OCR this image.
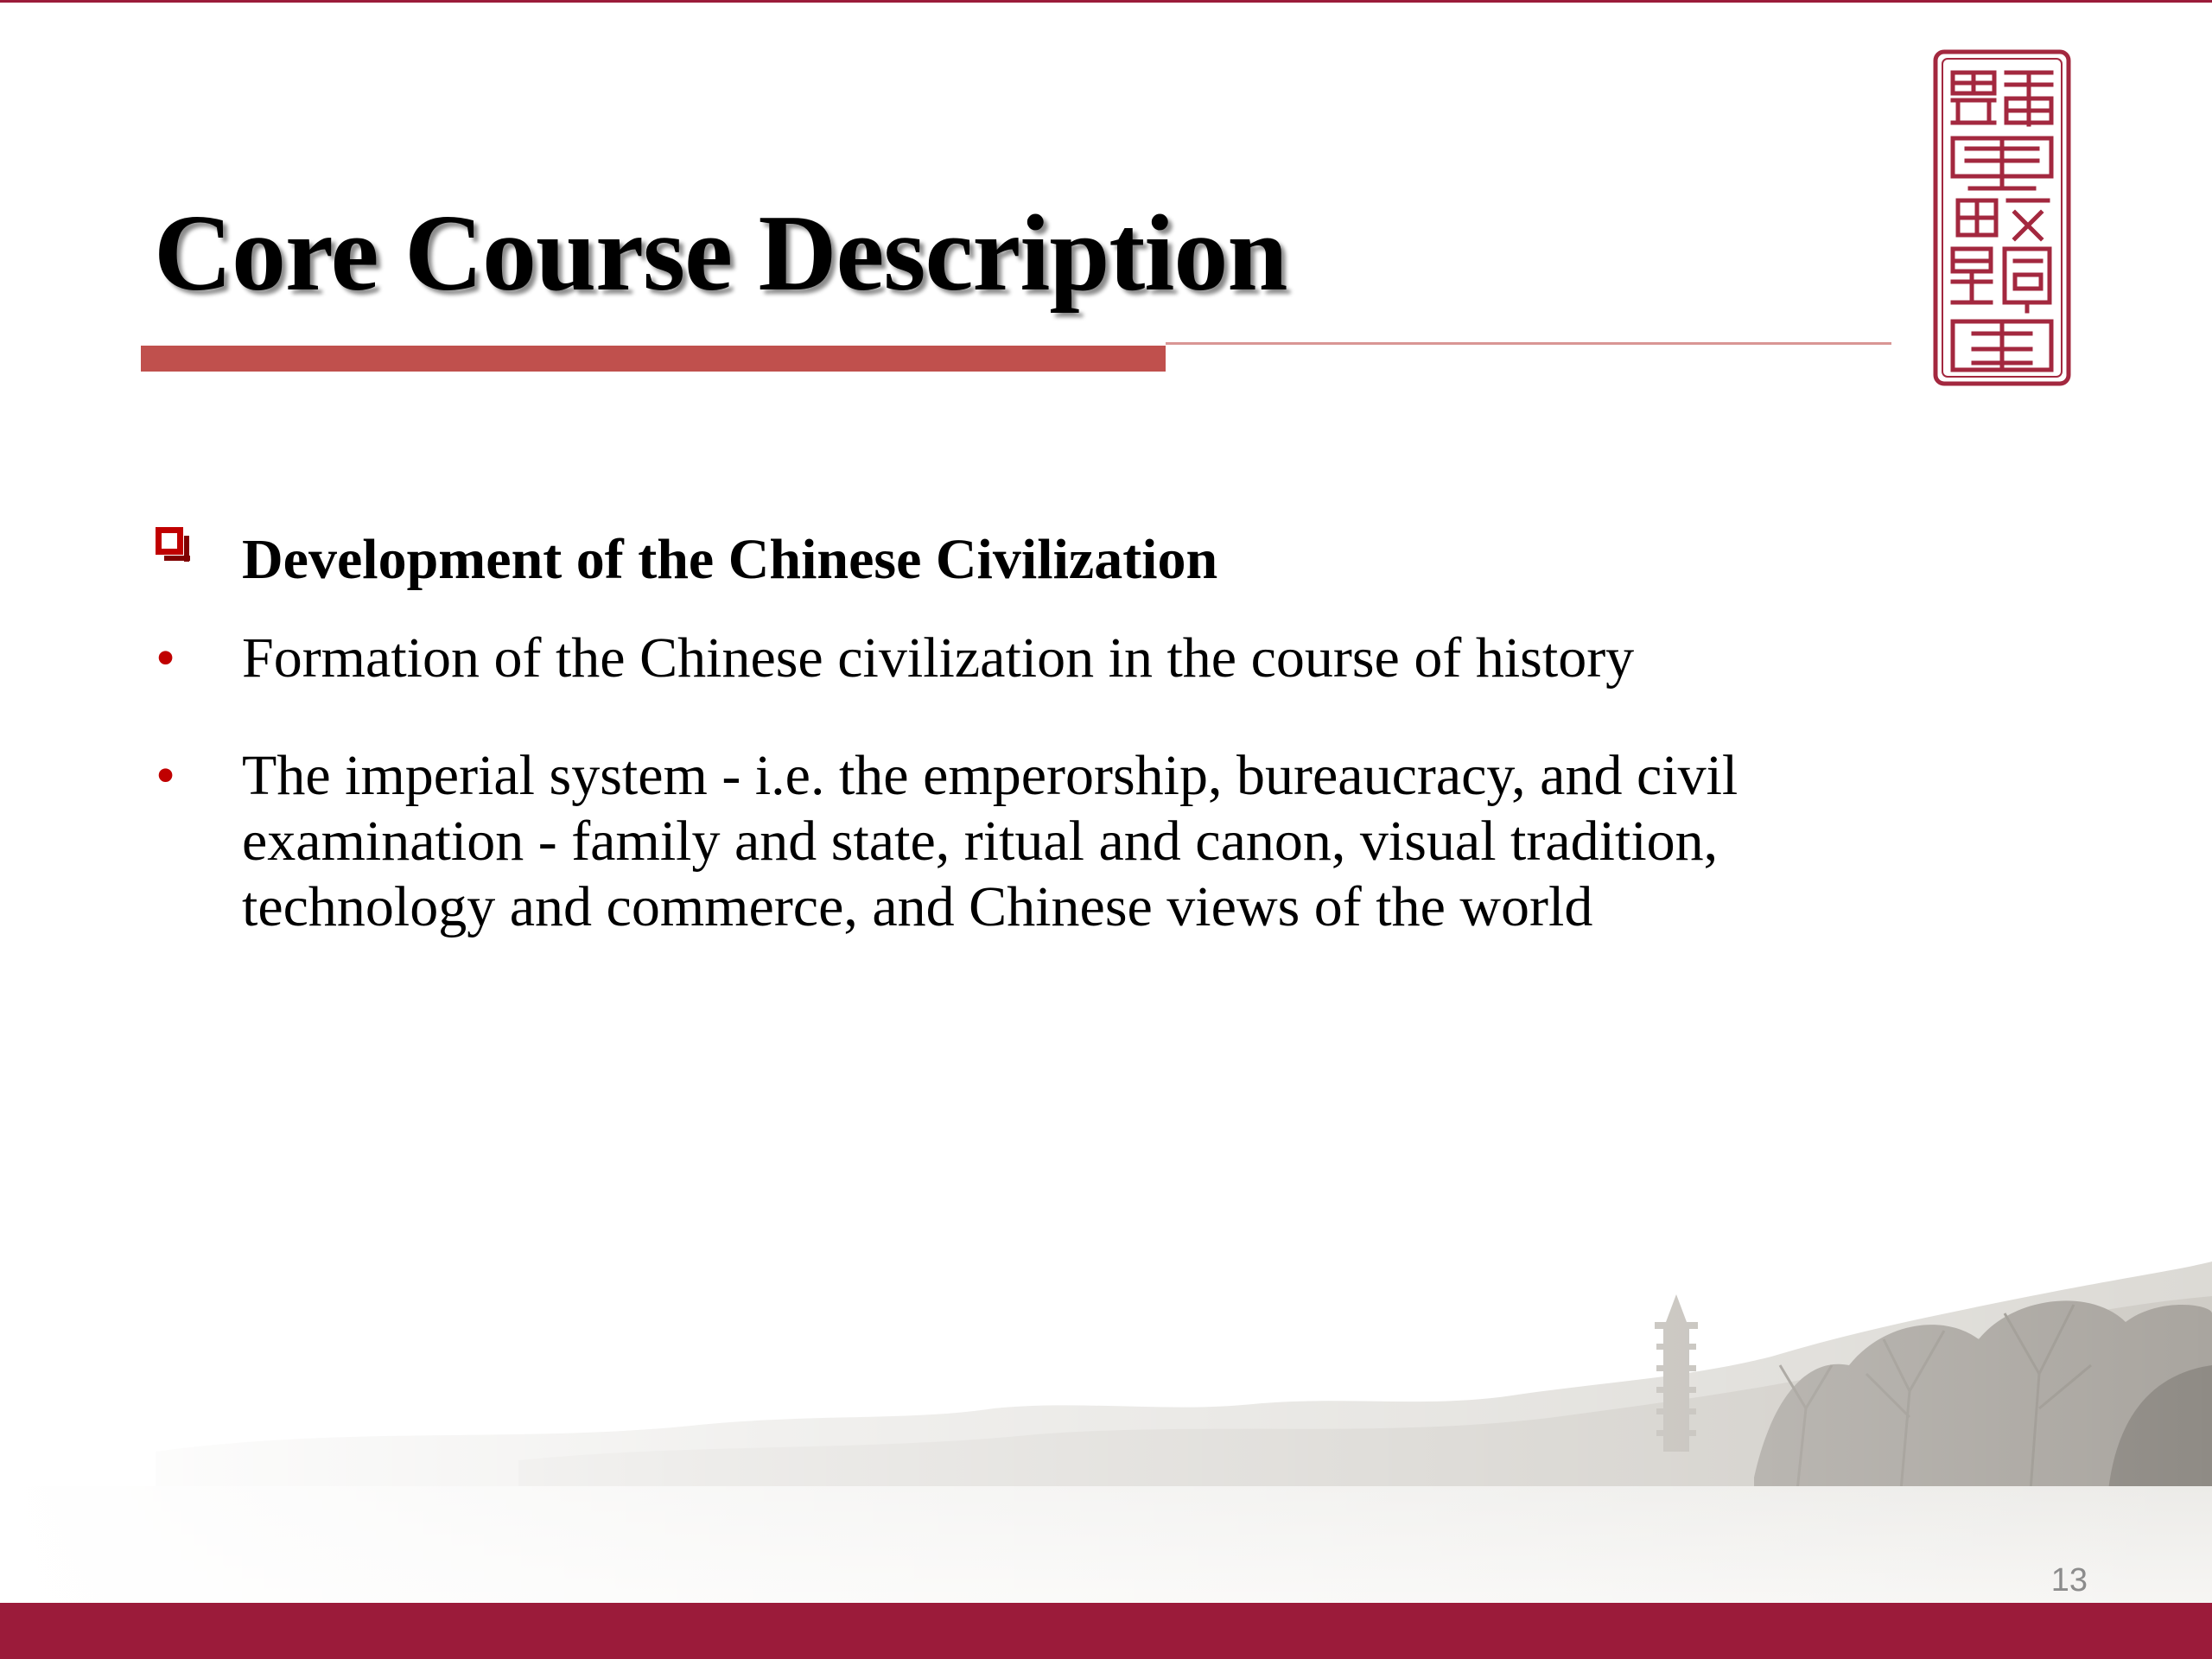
Core Course Description
Development of the Chinese Civilization
• Formation of the Chinese civilization in the course of history
• The imperial system - i.e. the emperorship, bureaucracy, and civil examination - family and state, ritual and canon, visual tradition, technology and commerce, and Chinese views of the world
13
